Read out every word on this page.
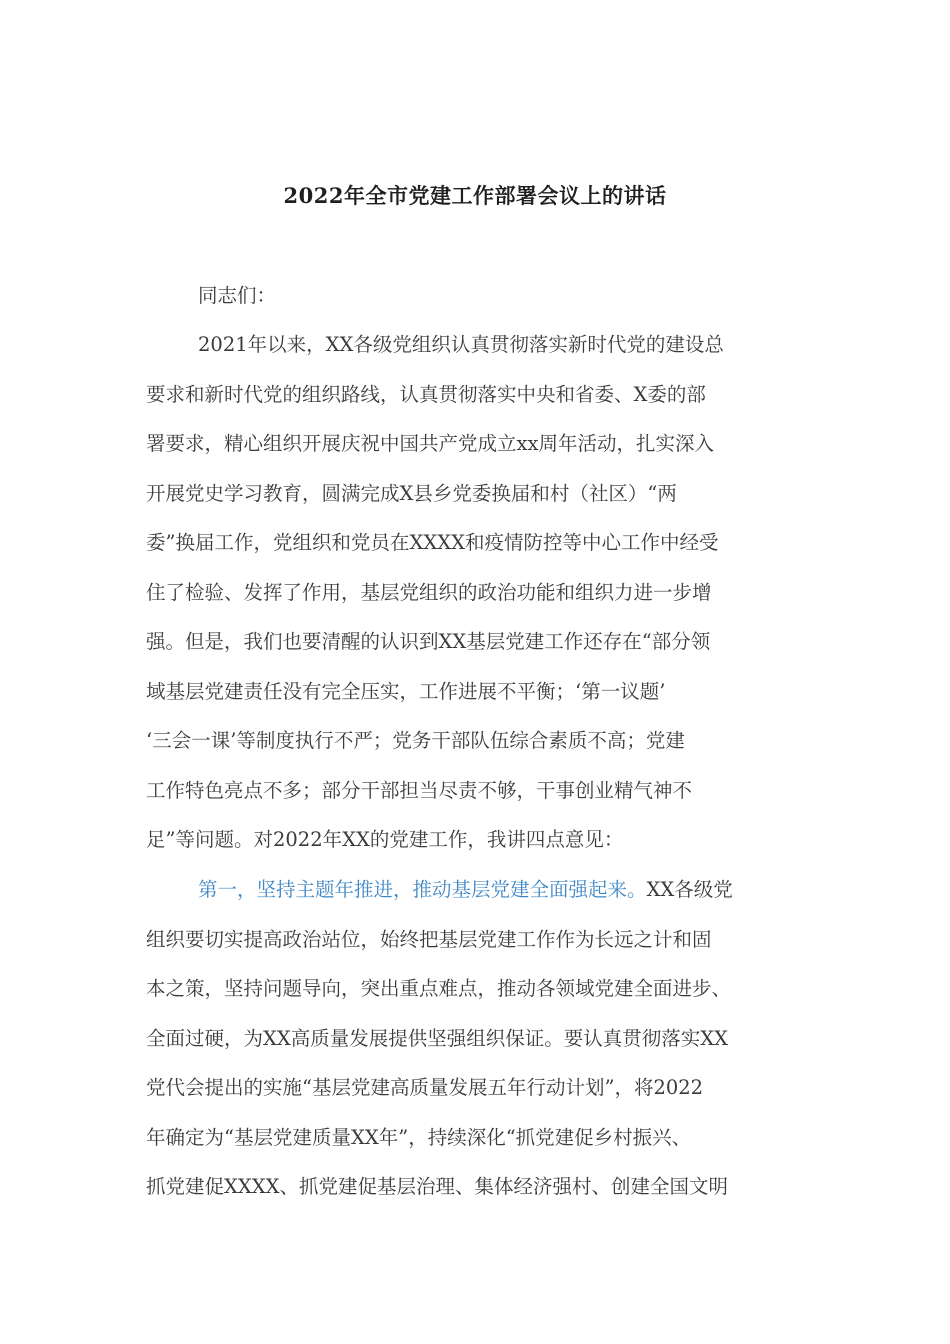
2022年全市党建工作部署会议上的讲话
同志们：
2021年以来，XX各级党组织认真贯彻落实新时代党的建设总
要求和新时代党的组织路线，认真贯彻落实中央和省委、X委的部
署要求，精心组织开展庆祝中国共产党成立xx周年活动，扎实深入
开展党史学习教育，圆满完成X县乡党委换届和村（社区）“两
委”换届工作，党组织和党员在XXXX和疫情防控等中心工作中经受
住了检验、发挥了作用，基层党组织的政治功能和组织力进一步增
强。但是，我们也要清醒的认识到XX基层党建工作还存在“部分领
域基层党建责任没有完全压实，工作进展不平衡；‘第一议题’
‘三会一课’等制度执行不严；党务干部队伍综合素质不高；党建
工作特色亮点不多；部分干部担当尽责不够，干事创业精气神不
足”等问题。对2022年XX的党建工作，我讲四点意见：
第一，坚持主题年推进，推动基层党建全面强起来。XX各级党
组织要切实提高政治站位，始终把基层党建工作作为长远之计和固
本之策，坚持问题导向，突出重点难点，推动各领域党建全面进步、
全面过硬，为XX高质量发展提供坚强组织保证。要认真贯彻落实XX
党代会提出的实施“基层党建高质量发展五年行动计划”，将2022
年确定为“基层党建质量XX年”，持续深化“抓党建促乡村振兴、
抓党建促XXXX、抓党建促基层治理、集体经济强村、创建全国文明
